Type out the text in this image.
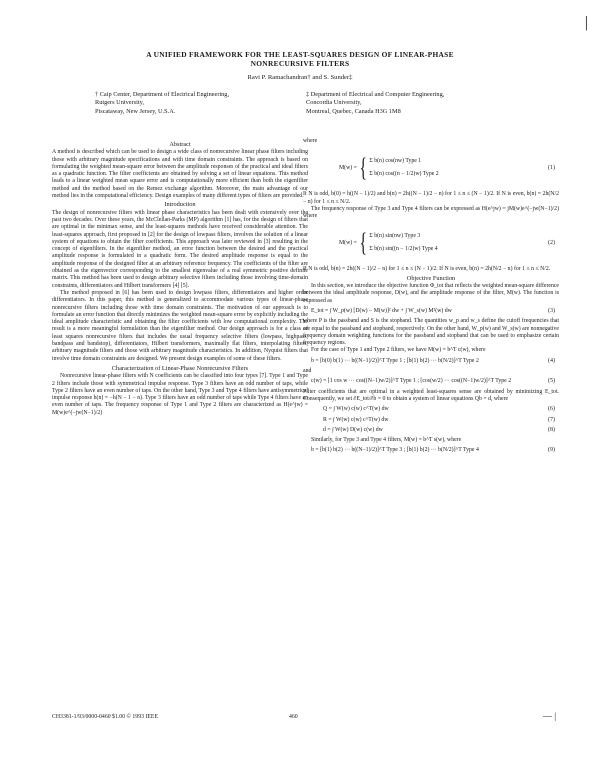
|
A UNIFIED FRAMEWORK FOR THE LEAST-SQUARES DESIGN OF LINEAR-PHASE
NONRECURSIVE FILTERS
Ravi P. Ramachandran† and S. Sunder‡
† Caip Center, Department of Electrical Engineering,
Rutgers University,
Piscataway, New Jersey, U.S.A.
‡ Department of Electrical and Computer Engineering,
Concordia University,
Montreal, Quebec, Canada H3G 1M8
Abstract

A method is described which can be used to design a wide class of nonrecursive linear phase filters including those with arbitrary magnitude specifications and with time domain constraints. The approach is based on formulating the weighted mean-square error between the amplitude responses of the practical and ideal filters as a quadratic function. The filter coefficients are obtained by solving a set of linear equations. This method leads to a linear weighted mean square error and is computationally more efficient than both the eigenfilter method and the method based on the Remez exchange algorithm. Moreover, the main advantage of our method lies in the computational efficiency. Design examples of many different types of filters are provided.

Introduction

The design of nonrecursive filters with linear phase characteristics has been dealt with extensively over the past two decades. Over these years, the McClellan-Parks (MP) algorithm [1] has, for the design of filters that are optimal in the minimax sense, and the least-squares methods have received considerable attention. The least-squares approach, first proposed in [2] for the design of lowpass filters, involves the solution of a linear system of equations to obtain the filter coefficients. This approach was later reviewed in [3] resulting in the concept of eigenfilters. In the eigenfilter method, an error function between the desired and the practical amplitude response is formulated in a quadratic form. The desired amplitude response is equal to the amplitude response of the designed filter at an arbitrary reference frequency. The coefficients of the filter are obtained as the eigenvector corresponding to the smallest eigenvalue of a real symmetric positive definite matrix. This method has been used to design arbitrary selective filters including those involving time-domain constraints, differentiators and Hilbert transformers [4] [5].

The method proposed in [6] has been used to design lowpass filters, differentiators and higher order differentiators. In this paper, this method is generalized to accommodate various types of linear-phase nonrecursive filters including those with time domain constraints. The motivation of our approach is to formulate an error function that directly minimizes the weighted mean-square error by explicitly including the ideal amplitude characteristic and obtaining the filter coefficients with low computational complexity. The result is a more meaningful formulation than the eigenfilter method. Our design approach is for a class of least squares nonrecursive filters that includes the usual frequency selective filters (lowpass, highpass, bandpass and bandstop), differentiators, Hilbert transformers, maximally flat filters, interpolating filters, arbitrary magnitude filters and those with arbitrary magnitude characteristics. In addition, Nyquist filters that involve time domain constraints are designed. We present design examples of some of these filters.

Characterization of Linear-Phase Nonrecursive Filters

Nonrecursive linear-phase filters with N coefficients can be classified into four types [7]. Type 1 and Type 2 filters include those with symmetrical impulse response. Type 3 filters have an odd number of taps, while Type 2 filters have an even number of taps. On the other hand, Type 3 and Type 4 filters have antisymmetrical impulse response h(n) = −h(N − 1 − n). Type 3 filters have an odd number of taps while Type 4 filters have an even number of taps. The frequency response of Type 1 and Type 2 filters are characterized as H(e^jw) = M(w)e^(−jw(N−1)/2)

where
M(w) = { Σ b(n) cos(nw) Type 1
Σ b(n) cos((n − 1/2)w) Type 2
(1)

If N is odd, b(0) = h((N − 1)/2) and b(n) = 2h((N − 1)/2 − n) for 1 ≤ n ≤ (N − 1)/2. If N is even, b(n) = 2h(N/2 − n) for 1 ≤ n ≤ N/2.

The frequency response of Type 3 and Type 4 filters can be expressed as H(e^jw) = jM(w)e^(−jw(N−1)/2) where

M(w) = { Σ b(n) sin(nw) Type 3
Σ b(n) sin((n − 1/2)w) Type 4
(2)

If N is odd, b(n) = 2h((N − 1)/2 − n) for 1 ≤ n ≤ (N − 1)/2. If N is even, b(n) = 2h(N/2 − n) for 1 ≤ n ≤ N/2.

Objective Function

In this section, we introduce the objective function Φ_tot that reflects the weighted mean-square difference between the ideal amplitude response, D(w), and the amplitude response of the filter, M(w). The function is expressed as

E_tot = ∫ W_p(w) [D(w) − M(w)]² dw + ∫ W_s(w) M²(w) dw	(3)

where P is the passband and S is the stopband. The quantities w_p and w_s define the cutoff frequencies that are equal to the passband and stopband, respectively. On the other hand, W_p(w) and W_s(w) are nonnegative frequency domain weighting functions for the passband and stopband that can be used to emphasize certain frequency regions.

For the case of Type 1 and Type 2 filters, we have M(w) = b^T c(w), where

b = [b(0) b(1) ··· b((N−1)/2)]^T Type 1 ; [b(1) b(2) ··· b(N/2)]^T Type 2	(4)
and
c(w) = [1 cos w ··· cos((N−1)w/2)]^T Type 1 ; [cos(w/2) ··· cos((N−1)w/2)]^T Type 2	(5)

Filter coefficients that are optimal in a weighted least-squares sense are obtained by minimizing E_tot. Consequently, we set ∂E_tot/∂b = 0 to obtain a system of linear equations Qb = d, where

Q = ∫ W(w) c(w) c^T(w) dw	(6)
R = ∫ W(w) c(w) c^T(w) dw	(7)
d = ∫ W(w) D(w) c(w) dw	(8)

Similarly, for Type 3 and Type 4 filters, M(w) = b^T s(w), where

b = [b(1) b(2) ··· b((N−1)/2)]^T Type 3 ; [b(1) b(2) ··· b(N/2)]^T Type 4	(9)
CH3381-1/93/0000-0460 $1.00 © 1993 IEEE	460	— |
